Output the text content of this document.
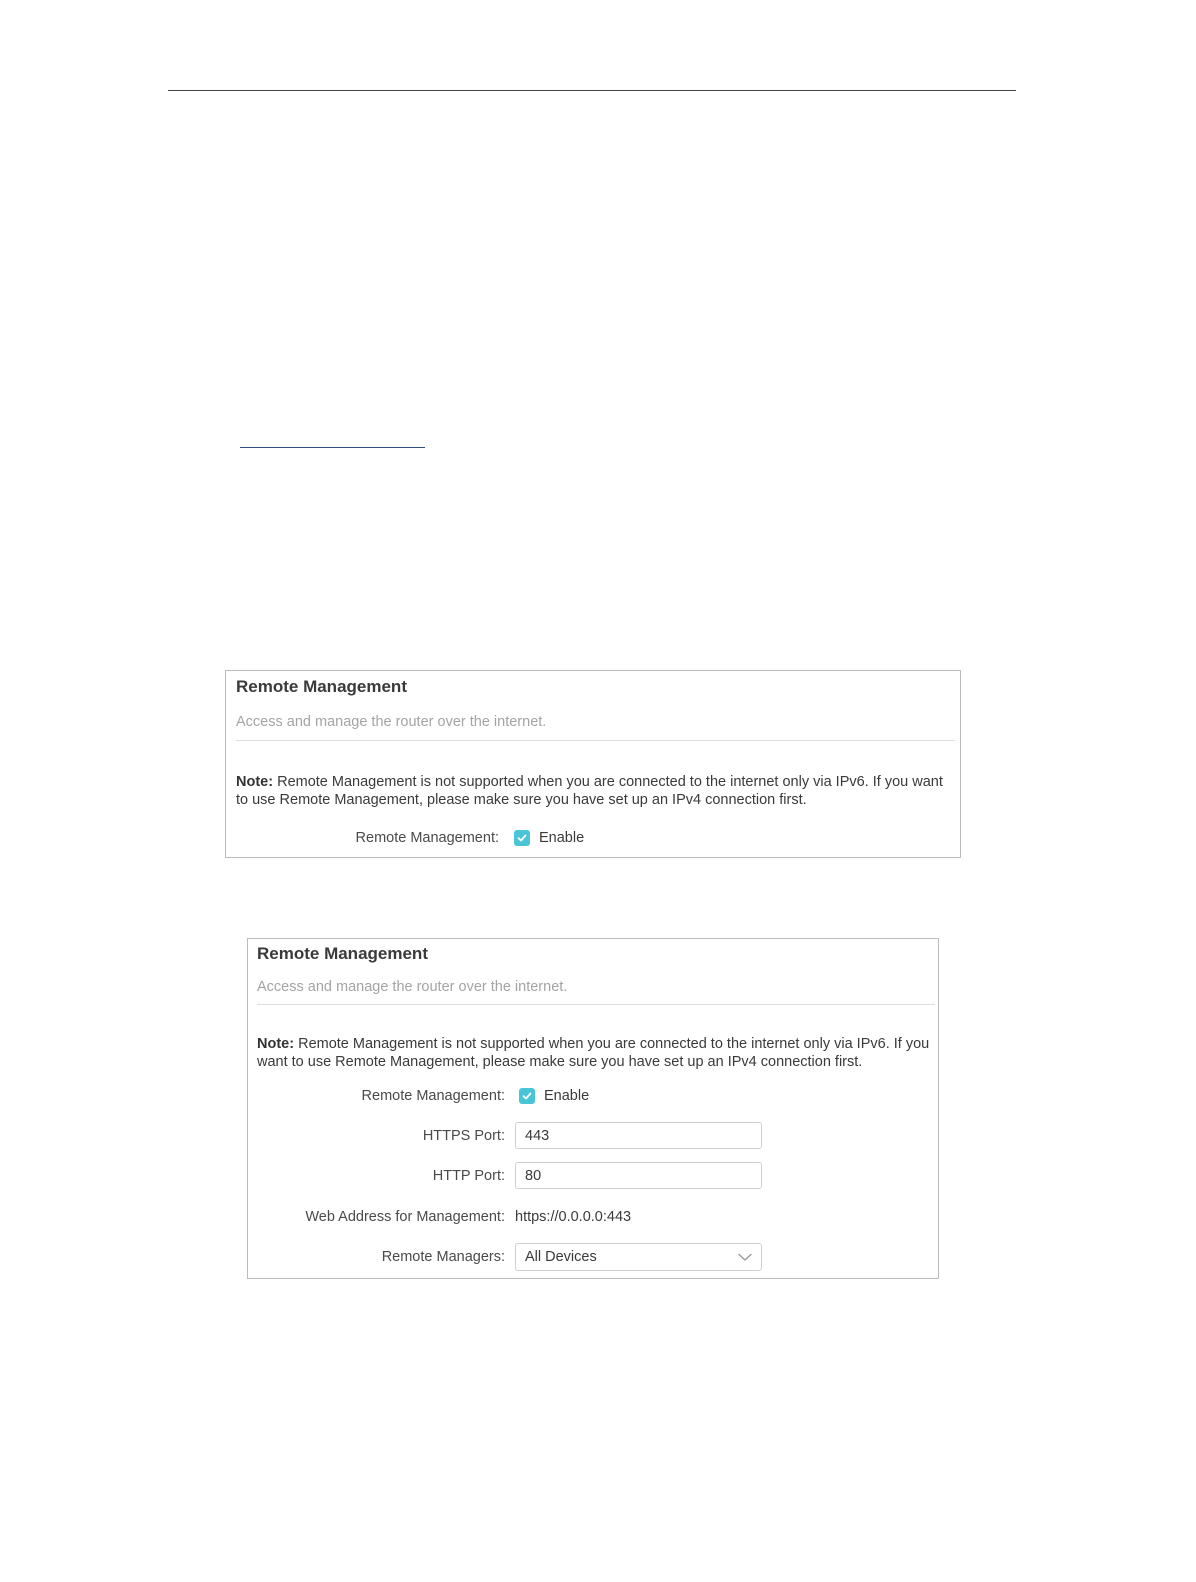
Remote Management
Access and manage the router over the internet.
Note: Remote Management is not supported when you are connected to the internet only via IPv6. If you want to use Remote Management, please make sure you have set up an IPv4 connection first.
Remote Management:	Enable
Remote Management
Access and manage the router over the internet.
Note: Remote Management is not supported when you are connected to the internet only via IPv6. If you want to use Remote Management, please make sure you have set up an IPv4 connection first.
Remote Management:	Enable
HTTPS Port:
443
HTTP Port:
80
Web Address for Management: https://0.0.0.0:443
Remote Managers: All Devices
